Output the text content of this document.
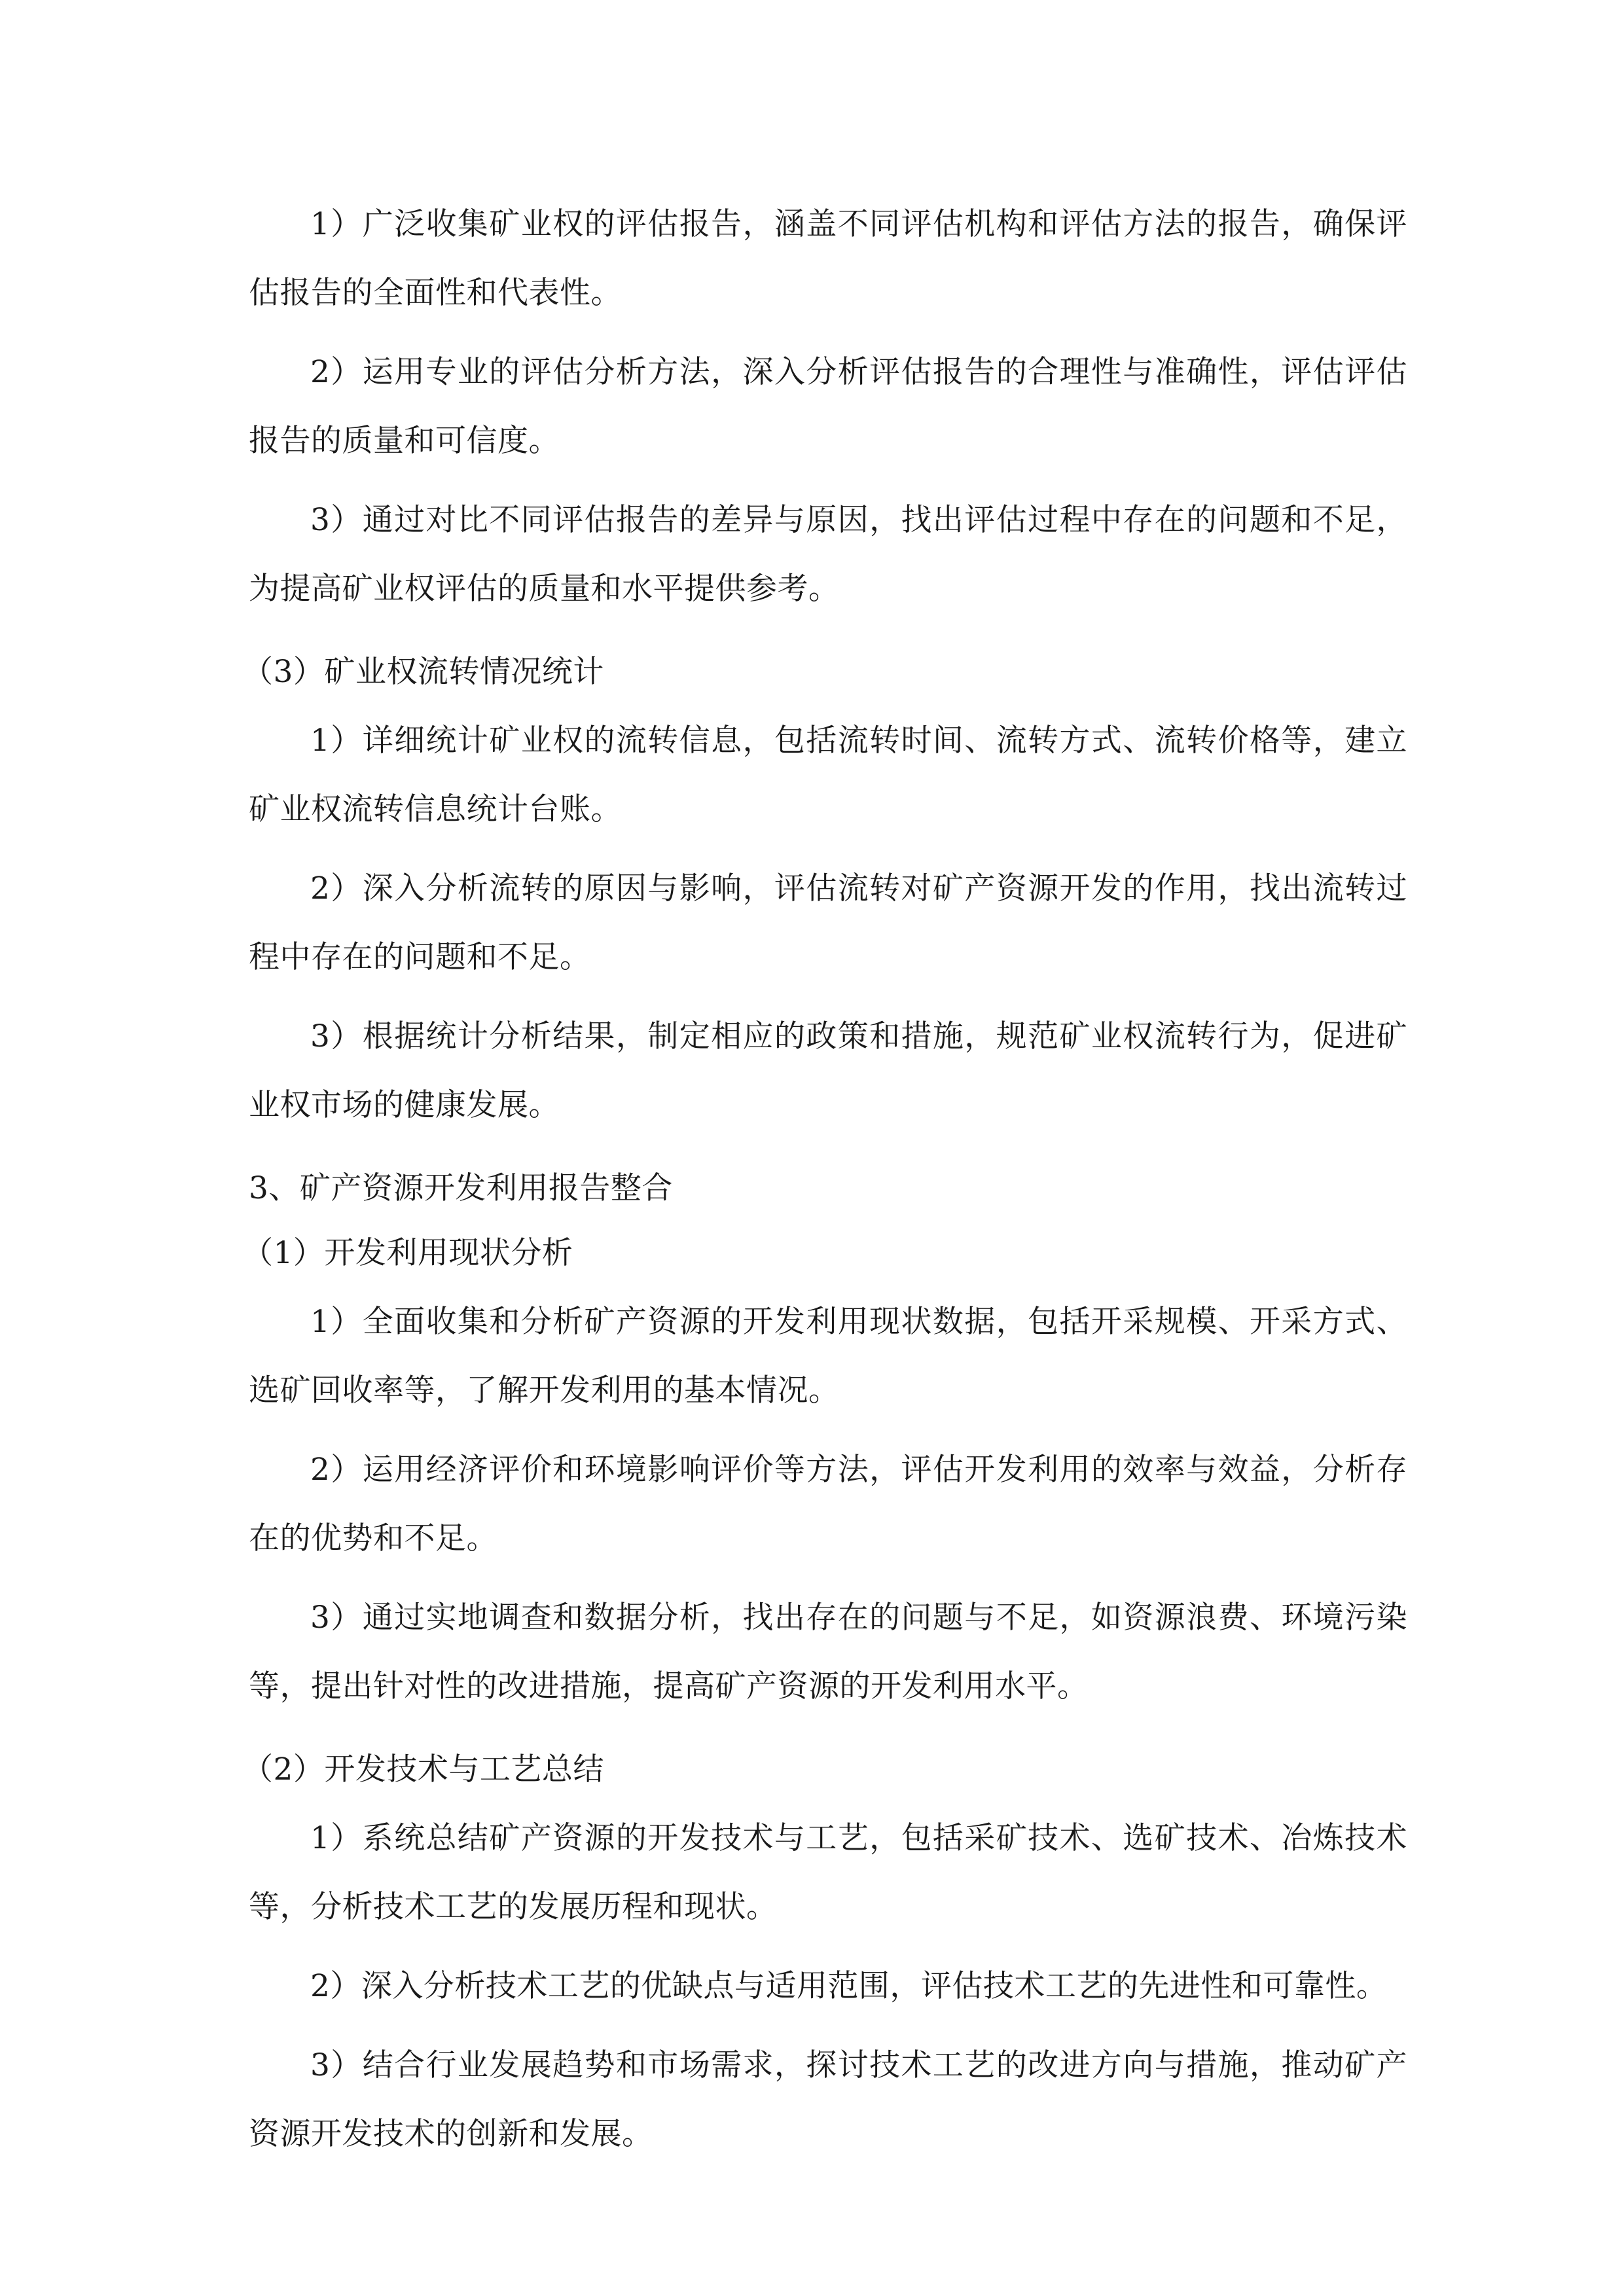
1）广泛收集矿业权的评估报告，涵盖不同评估机构和评估方法的报告，确保评估报告的全面性和代表性。

2）运用专业的评估分析方法，深入分析评估报告的合理性与准确性，评估评估报告的质量和可信度。

3）通过对比不同评估报告的差异与原因，找出评估过程中存在的问题和不足，为提高矿业权评估的质量和水平提供参考。

（3）矿业权流转情况统计

1）详细统计矿业权的流转信息，包括流转时间、流转方式、流转价格等，建立矿业权流转信息统计台账。

2）深入分析流转的原因与影响，评估流转对矿产资源开发的作用，找出流转过程中存在的问题和不足。

3）根据统计分析结果，制定相应的政策和措施，规范矿业权流转行为，促进矿业权市场的健康发展。

3、矿产资源开发利用报告整合

（1）开发利用现状分析

1）全面收集和分析矿产资源的开发利用现状数据，包括开采规模、开采方式、选矿回收率等，了解开发利用的基本情况。

2）运用经济评价和环境影响评价等方法，评估开发利用的效率与效益，分析存在的优势和不足。

3）通过实地调查和数据分析，找出存在的问题与不足，如资源浪费、环境污染等，提出针对性的改进措施，提高矿产资源的开发利用水平。

（2）开发技术与工艺总结

1）系统总结矿产资源的开发技术与工艺，包括采矿技术、选矿技术、冶炼技术等，分析技术工艺的发展历程和现状。

2）深入分析技术工艺的优缺点与适用范围，评估技术工艺的先进性和可靠性。

3）结合行业发展趋势和市场需求，探讨技术工艺的改进方向与措施，推动矿产资源开发技术的创新和发展。
